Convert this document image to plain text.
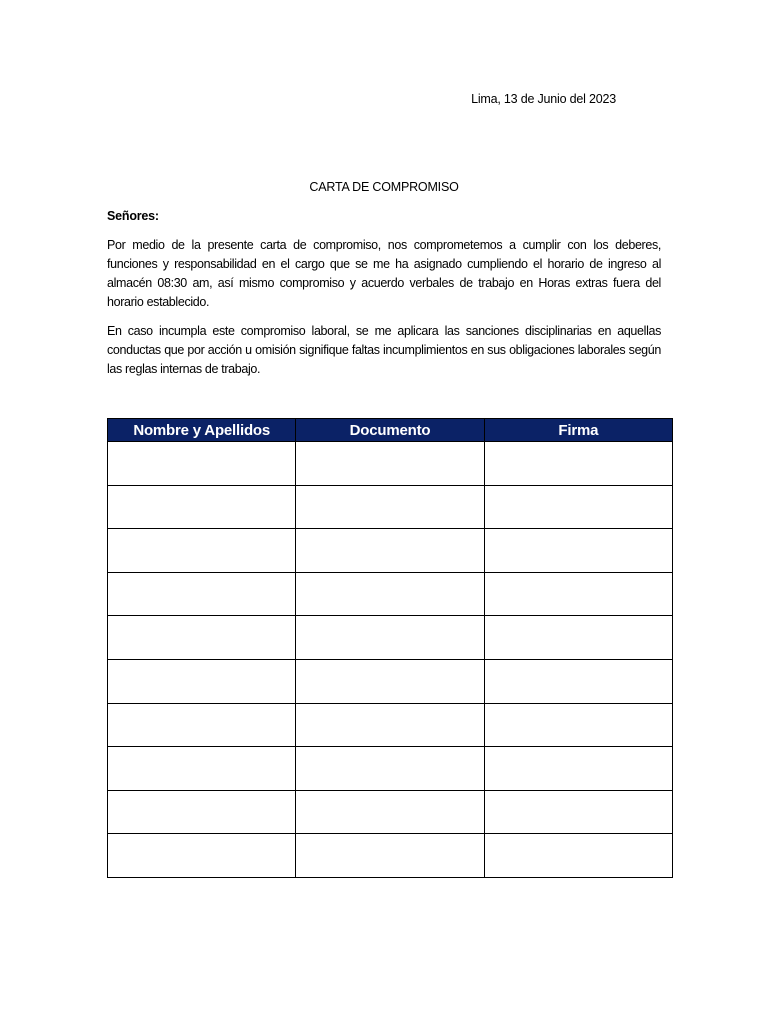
Lima, 13 de Junio del 2023
CARTA DE COMPROMISO
Señores:

Por medio de la presente carta de compromiso, nos comprometemos a cumplir con los deberes, funciones y responsabilidad en el cargo que se me ha asignado cumpliendo el horario de ingreso al almacén 08:30 am, así mismo compromiso y acuerdo verbales de trabajo en Horas extras fuera del horario establecido.

En caso incumpla este compromiso laboral, se me aplicara las sanciones disciplinarias en aquellas conductas que por acción u omisión signifique faltas incumplimientos en sus obligaciones laborales según las reglas internas de trabajo.

Nombre y Apellidos	Documento	Firma
